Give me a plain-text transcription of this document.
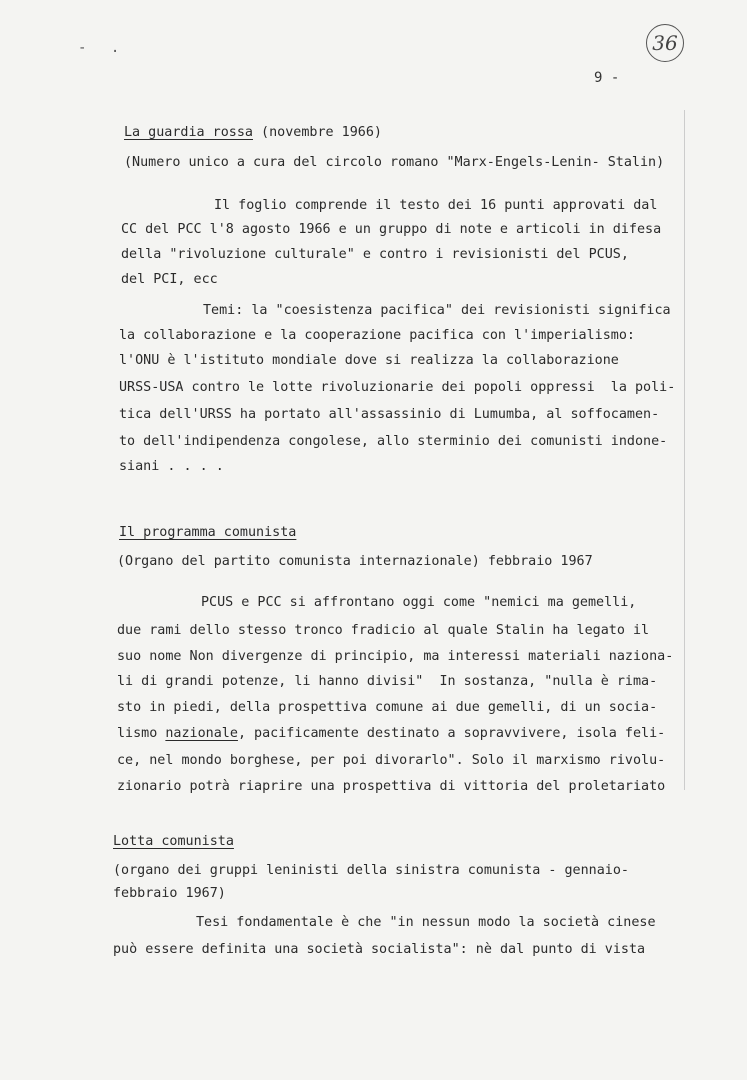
36
- .
9 -
La guardia rossa (novembre 1966)
(Numero unico a cura del circolo romano "Marx-Engels-Lenin- Stalin)
Il foglio comprende il testo dei 16 punti approvati dal
CC del PCC l'8 agosto 1966 e un gruppo di note e articoli in difesa
della "rivoluzione culturale" e contro i revisionisti del PCUS,
del PCI, ecc
Temi: la "coesistenza pacifica" dei revisionisti significa
la collaborazione e la cooperazione pacifica con l'imperialismo:
l'ONU è l'istituto mondiale dove si realizza la collaborazione
URSS-USA contro le lotte rivoluzionarie dei popoli oppressi  la poli-
tica dell'URSS ha portato all'assassinio di Lumumba, al soffocamen-
to dell'indipendenza congolese, allo sterminio dei comunisti indone-
siani . . . .
Il programma comunista
(Organo del partito comunista internazionale) febbraio 1967
PCUS e PCC si affrontano oggi come "nemici ma gemelli,
due rami dello stesso tronco fradicio al quale Stalin ha legato il
suo nome Non divergenze di principio, ma interessi materiali naziona-
li di grandi potenze, li hanno divisi"  In sostanza, "nulla è rima-
sto in piedi, della prospettiva comune ai due gemelli, di un socia-
lismo nazionale, pacificamente destinato a sopravvivere, isola feli-
ce, nel mondo borghese, per poi divorarlo". Solo il marxismo rivolu-
zionario potrà riaprire una prospettiva di vittoria del proletariato
Lotta comunista
(organo dei gruppi leninisti della sinistra comunista - gennaio-
febbraio 1967)
Tesi fondamentale è che "in nessun modo la società cinese
può essere definita una società socialista": nè dal punto di vista
